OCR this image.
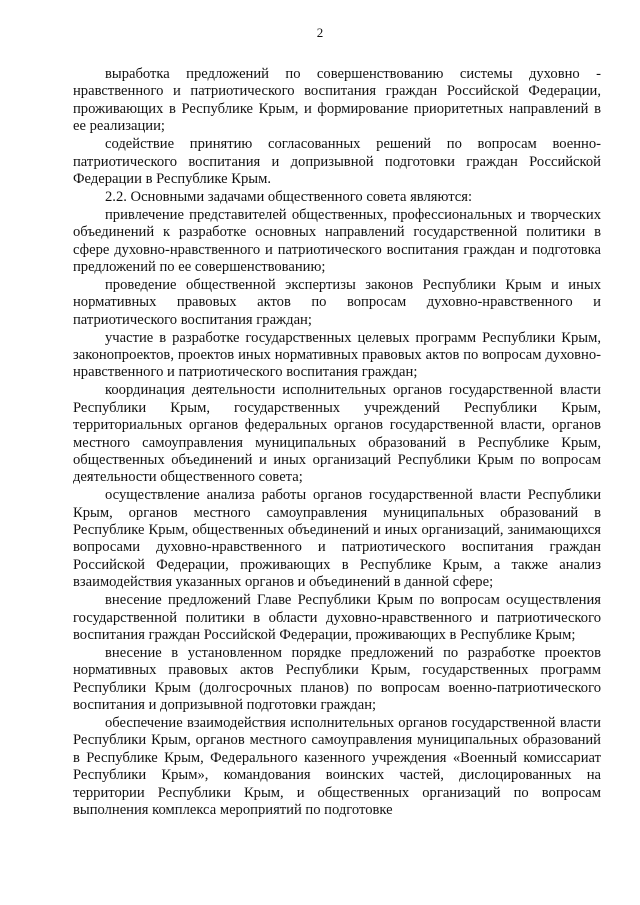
2

выработка предложений по совершенствованию системы духовно - нравственного и патриотического воспитания граждан Российской Федерации, проживающих в Республике Крым, и формирование приоритетных направлений в ее реализации;

содействие принятию согласованных решений по вопросам военно-патриотического воспитания и допризывной подготовки граждан Российской Федерации в Республике Крым.

2.2. Основными задачами общественного совета являются:

привлечение представителей общественных, профессиональных и творческих объединений к разработке основных направлений государственной политики в сфере духовно-нравственного и патриотического воспитания граждан и подготовка предложений по ее совершенствованию;

проведение общественной экспертизы законов Республики Крым и иных нормативных правовых актов по вопросам духовно-нравственного и патриотического воспитания граждан;

участие в разработке государственных целевых программ Республики Крым, законопроектов, проектов иных нормативных правовых актов по вопросам духовно-нравственного и патриотического воспитания граждан;

координация деятельности исполнительных органов государственной власти Республики Крым, государственных учреждений Республики Крым, территориальных органов федеральных органов государственной власти, органов местного самоуправления муниципальных образований в Республике Крым, общественных объединений и иных организаций Республики Крым по вопросам деятельности общественного совета;

осуществление анализа работы органов государственной власти Республики Крым, органов местного самоуправления муниципальных образований в Республике Крым, общественных объединений и иных организаций, занимающихся вопросами духовно-нравственного и патриотического воспитания граждан Российской Федерации, проживающих в Республике Крым, а также анализ взаимодействия указанных органов и объединений в данной сфере;

внесение предложений Главе Республики Крым по вопросам осуществления государственной политики в области духовно-нравственного и патриотического воспитания граждан Российской Федерации, проживающих в Республике Крым;

внесение в установленном порядке предложений по разработке проектов нормативных правовых актов Республики Крым, государственных программ Республики Крым (долгосрочных планов) по вопросам военно-патриотического воспитания и допризывной подготовки граждан;

обеспечение взаимодействия исполнительных органов государственной власти Республики Крым, органов местного самоуправления муниципальных образований в Республике Крым, Федерального казенного учреждения «Военный комиссариат Республики Крым», командования воинских частей, дислоцированных на территории Республики Крым, и общественных организаций по вопросам выполнения комплекса мероприятий по подготовке
